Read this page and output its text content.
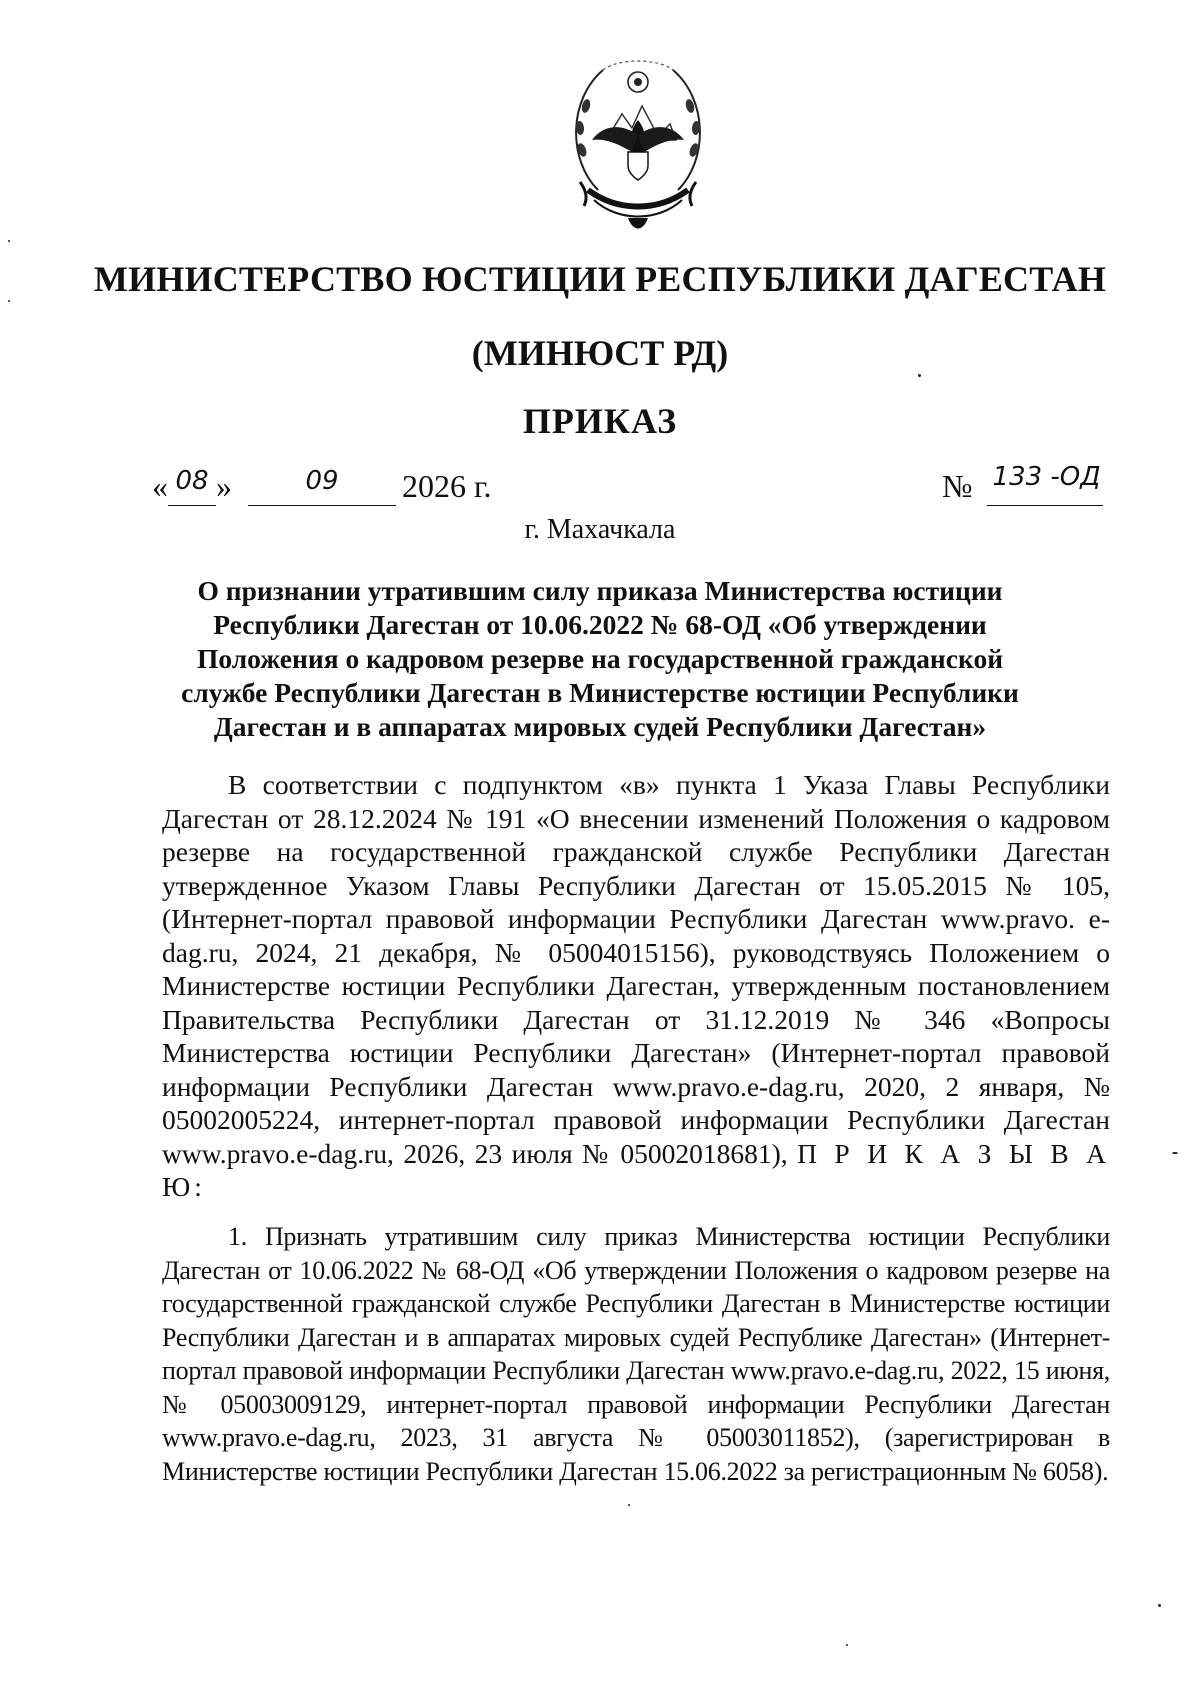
МИНИСТЕРСТВО ЮСТИЦИИ РЕСПУБЛИКИ ДАГЕСТАН
(МИНЮСТ РД)
ПРИКАЗ
« 08 »	09 2026 г.	№ 133 -ОД
г. Махачкала
О признании утратившим силу приказа Министерства юстиции Республики Дагестан от 10.06.2022 № 68-ОД «Об утверждении Положения о кадровом резерве на государственной гражданской службе Республики Дагестан в Министерстве юстиции Республики Дагестан и в аппаратах мировых судей Республики Дагестан»
В соответствии с подпунктом «в» пункта 1 Указа Главы Республики Дагестан от 28.12.2024 № 191 «О внесении изменений Положения о кадровом резерве на государственной гражданской службе Республики Дагестан утвержденное Указом Главы Республики Дагестан от 15.05.2015 № 105, (Интернет-портал правовой информации Республики Дагестан www.pravo. e-dag.ru, 2024, 21 декабря, № 05004015156), руководствуясь Положением о Министерстве юстиции Республики Дагестан, утвержденным постановлением Правительства Республики Дагестан от 31.12.2019 № 346 «Вопросы Министерства юстиции Республики Дагестан» (Интернет-портал правовой информации Республики Дагестан www.pravo.e-dag.ru, 2020, 2 января, № 05002005224, интернет-портал правовой информации Республики Дагестан www.pravo.e-dag.ru, 2026, 23 июля № 05002018681), П Р И К А З Ы В А Ю:
1. Признать утратившим силу приказ Министерства юстиции Республики Дагестан от 10.06.2022 № 68-ОД «Об утверждении Положения о кадровом резерве на государственной гражданской службе Республики Дагестан в Министерстве юстиции Республики Дагестан и в аппаратах мировых судей Республике Дагестан» (Интернет-портал правовой информации Республики Дагестан www.pravo.e-dag.ru, 2022, 15 июня, № 05003009129, интернет-портал правовой информации Республики Дагестан www.pravo.e-dag.ru, 2023, 31 августа № 05003011852), (зарегистрирован в Министерстве юстиции Республики Дагестан 15.06.2022 за регистрационным № 6058).
